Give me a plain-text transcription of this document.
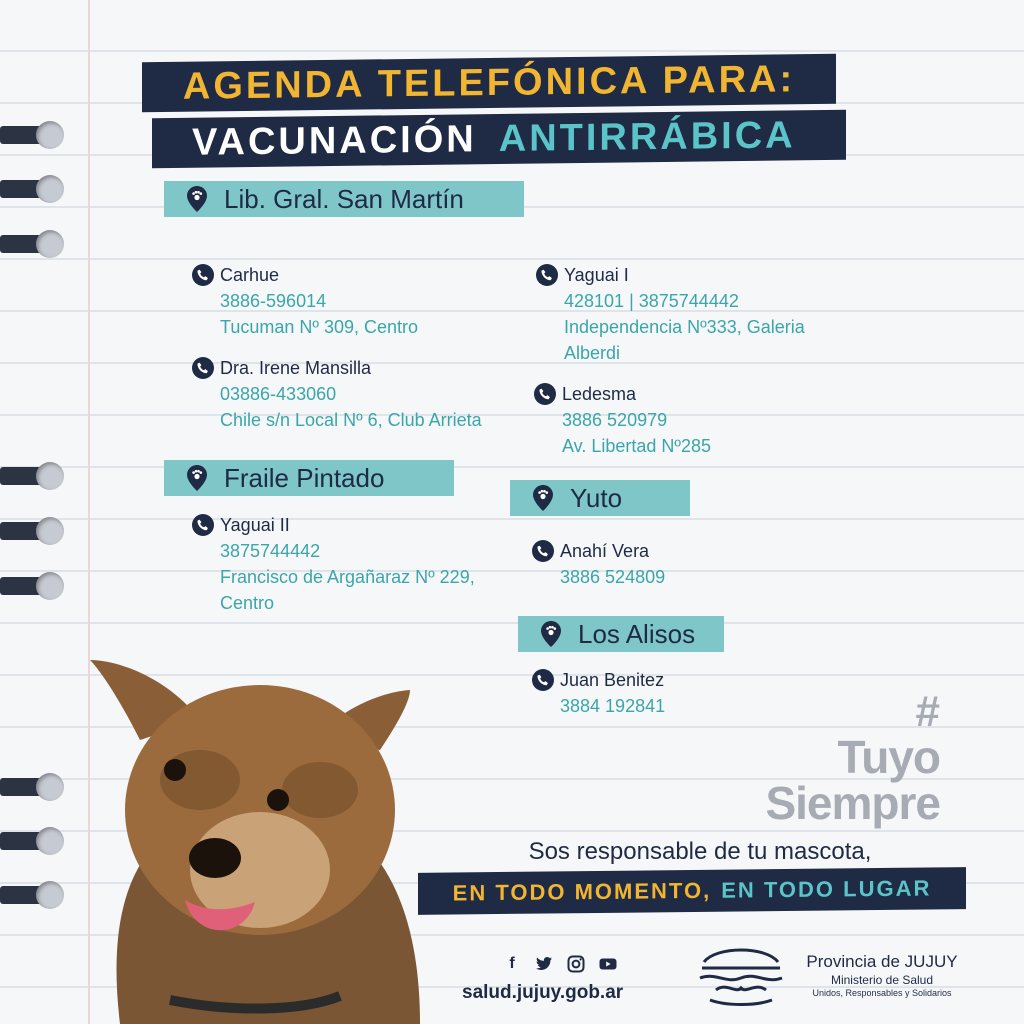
AGENDA TELEFÓNICA PARA:
VACUNACIÓN ANTIRRÁBICA
Lib. Gral. San Martín
Carhue
3886-596014
Tucuman Nº 309, Centro
Dra. Irene Mansilla
03886-433060
Chile s/n Local Nº 6, Club Arrieta
Yaguai I
428101 | 3875744442
Independencia Nº333, Galeria
Alberdi
Ledesma
3886 520979
Av. Libertad Nº285
Fraile Pintado
Yaguai II
3875744442
Francisco de Argañaraz Nº 229,
Centro
Yuto
Anahí Vera
3886 524809
Los Alisos
Juan Benitez
3884 192841	#
Tuyo
Siempre
Sos responsable de tu mascota,
EN TODO MOMENTO, EN TODO LUGAR
f
salud.jujuy.gob.ar
Provincia de JUJUY
Ministerio de Salud
Unidos, Responsables y Solidarios
